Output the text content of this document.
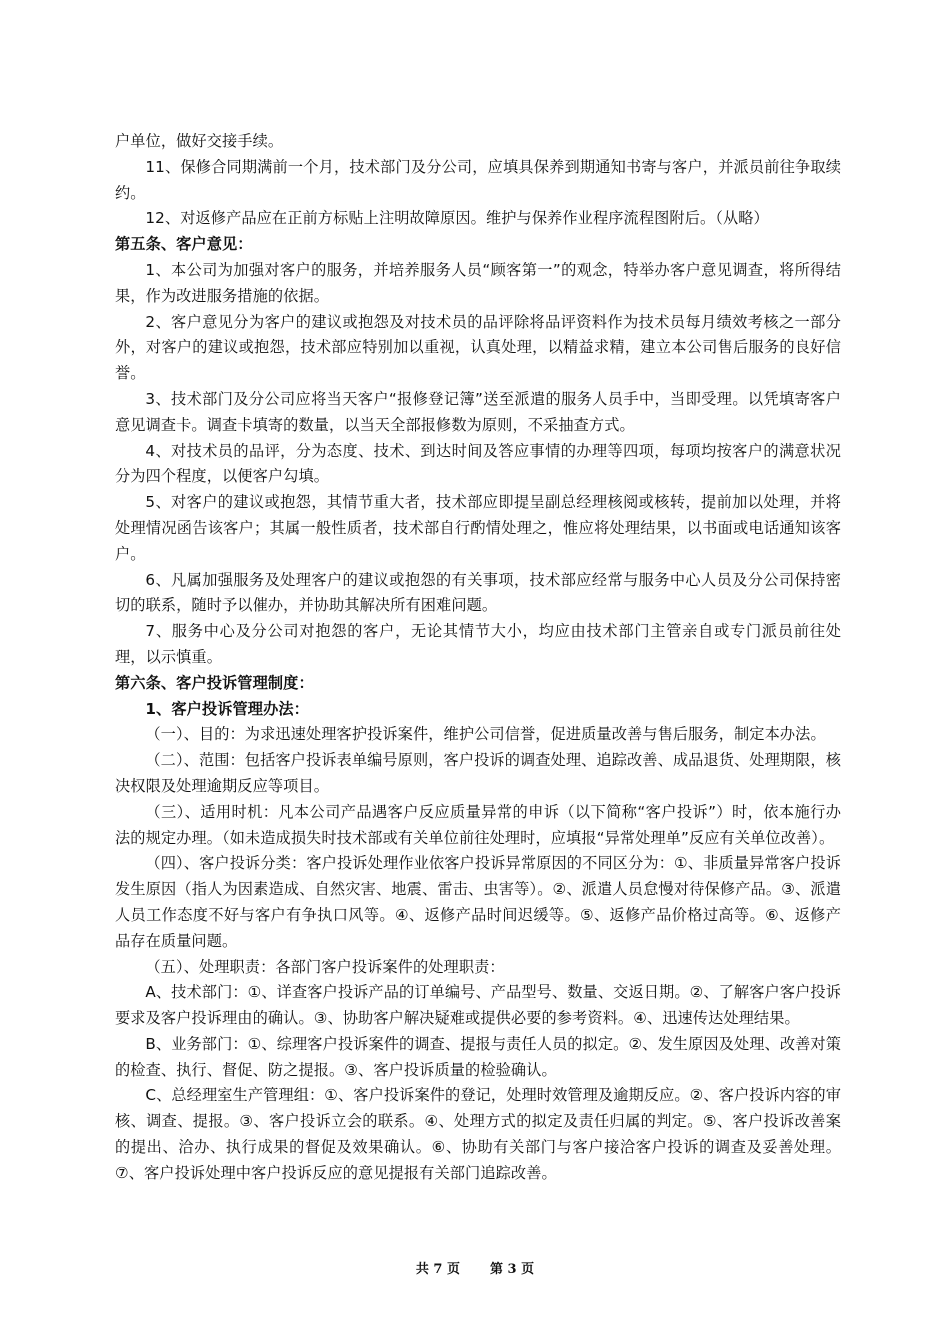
户单位，做好交接手续。

11、保修合同期满前一个月，技术部门及分公司，应填具保养到期通知书寄与客户，并派员前往争取续约。

12、对返修产品应在正前方标贴上注明故障原因。维护与保养作业程序流程图附后。（从略）

第五条、客户意见：

1、本公司为加强对客户的服务，并培养服务人员“顾客第一”的观念，特举办客户意见调查，将所得结果，作为改进服务措施的依据。

2、客户意见分为客户的建议或抱怨及对技术员的品评除将品评资料作为技术员每月绩效考核之一部分外，对客户的建议或抱怨，技术部应特别加以重视，认真处理，以精益求精，建立本公司售后服务的良好信誉。

3、技术部门及分公司应将当天客户“报修登记簿”送至派遣的服务人员手中，当即受理。以凭填寄客户意见调查卡。调查卡填寄的数量，以当天全部报修数为原则，不采抽查方式。

4、对技术员的品评，分为态度、技术、到达时间及答应事情的办理等四项，每项均按客户的满意状况分为四个程度，以便客户勾填。

5、对客户的建议或抱怨，其情节重大者，技术部应即提呈副总经理核阅或核转，提前加以处理，并将处理情况函告该客户；其属一般性质者，技术部自行酌情处理之，惟应将处理结果，以书面或电话通知该客户。

6、凡属加强服务及处理客户的建议或抱怨的有关事项，技术部应经常与服务中心人员及分公司保持密切的联系，随时予以催办，并协助其解决所有困难问题。

7、服务中心及分公司对抱怨的客户，无论其情节大小，均应由技术部门主管亲自或专门派员前往处理，以示慎重。

第六条、客户投诉管理制度：

1、客户投诉管理办法：

（一）、目的：为求迅速处理客护投诉案件，维护公司信誉，促进质量改善与售后服务，制定本办法。

（二）、范围：包括客户投诉表单编号原则，客户投诉的调查处理、追踪改善、成品退货、处理期限，核决权限及处理逾期反应等项目。

（三）、适用时机：凡本公司产品遇客户反应质量异常的申诉（以下简称“客户投诉”）时，依本施行办法的规定办理。（如未造成损失时技术部或有关单位前往处理时，应填报“异常处理单”反应有关单位改善）。

（四）、客户投诉分类：客户投诉处理作业依客户投诉异常原因的不同区分为：①、非质量异常客户投诉发生原因（指人为因素造成、自然灾害、地震、雷击、虫害等）。②、派遣人员怠慢对待保修产品。③、派遣人员工作态度不好与客户有争执口风等。④、返修产品时间迟缓等。⑤、返修产品价格过高等。⑥、返修产品存在质量问题。

（五）、处理职责：各部门客户投诉案件的处理职责：

A、技术部门：①、详查客户投诉产品的订单编号、产品型号、数量、交返日期。②、了解客户客户投诉要求及客户投诉理由的确认。③、协助客户解决疑难或提供必要的参考资料。④、迅速传达处理结果。

B、业务部门：①、综理客户投诉案件的调查、提报与责任人员的拟定。②、发生原因及处理、改善对策的检查、执行、督促、防之提报。③、客户投诉质量的检验确认。

C、总经理室生产管理组：①、客户投诉案件的登记，处理时效管理及逾期反应。②、客户投诉内容的审核、调查、提报。③、客户投诉立会的联系。④、处理方式的拟定及责任归属的判定。⑤、客户投诉改善案的提出、洽办、执行成果的督促及效果确认。⑥、协助有关部门与客户接洽客户投诉的调查及妥善处理。⑦、客户投诉处理中客户投诉反应的意见提报有关部门追踪改善。

共 7 页 第 3 页
